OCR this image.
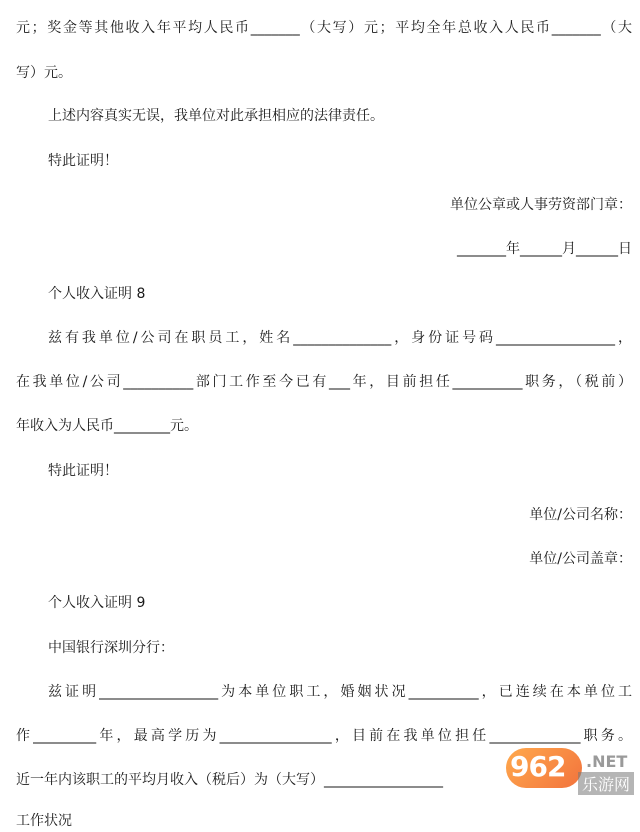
元；奖金等其他收入年平均人民币_______（大写）元；平均全年总收入人民币_______（大
写）元。
上述内容真实无误，我单位对此承担相应的法律责任。
特此证明！
单位公章或人事劳资部门章：
_______年______月______日
个人收入证明 8
兹有我单位/公司在职员工，姓名______________，身份证号码_________________，
在我单位/公司__________部门工作至今已有___年，目前担任__________职务，（税前）
年收入为人民币________元。
特此证明！
单位/公司名称：
单位/公司盖章：
个人收入证明 9
中国银行深圳分行：
兹证明_________________为本单位职工，婚姻状况__________，已连续在本单位工
作_________年，最高学历为________________，目前在我单位担任_____________职务。
近一年内该职工的平均月收入（税后）为（大写）_________________
工作状况
962 .NET
乐游网
